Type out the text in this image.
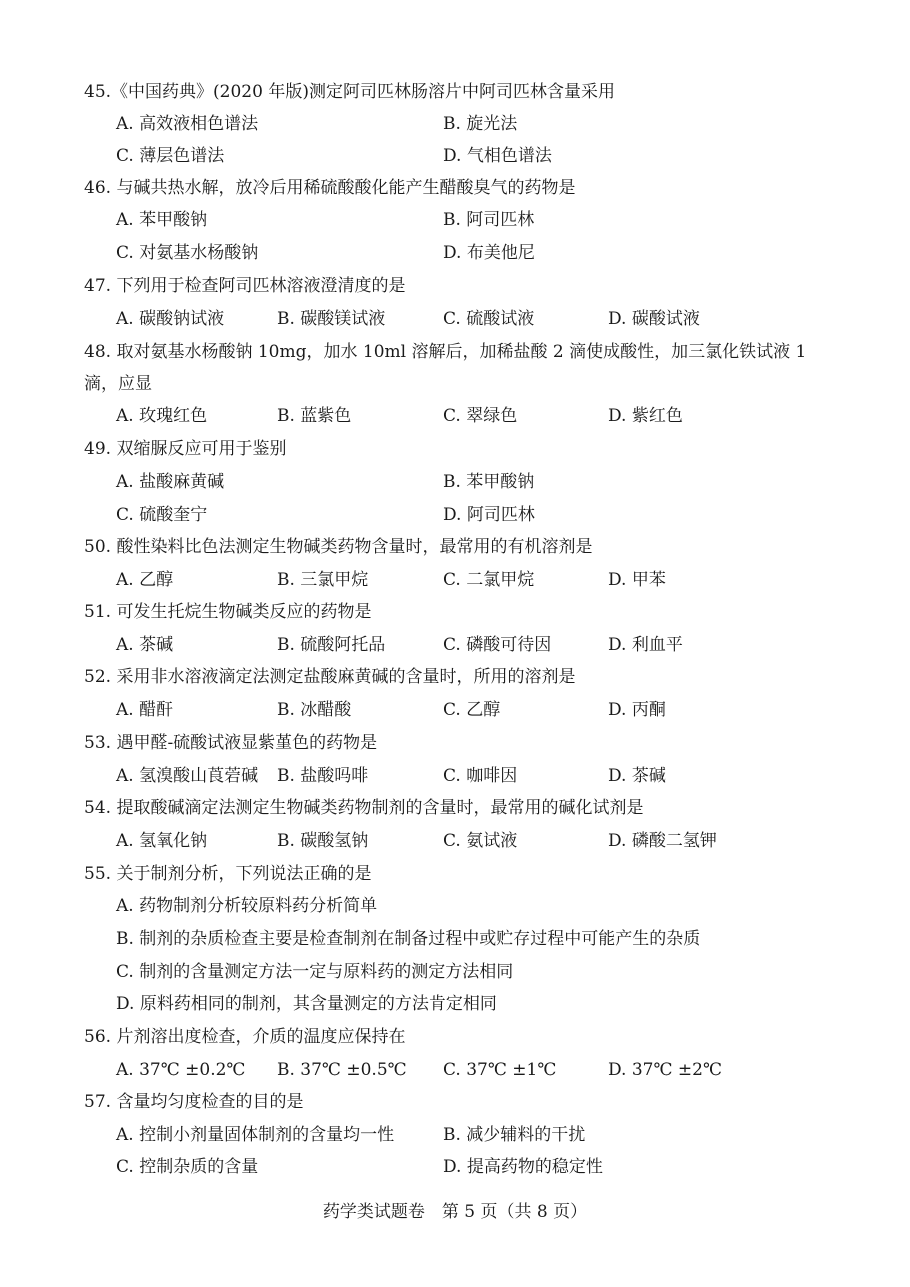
45.《中国药典》(2020 年版)测定阿司匹林肠溶片中阿司匹林含量采用
A. 高效液相色谱法	B. 旋光法
C. 薄层色谱法	D. 气相色谱法
46. 与碱共热水解，放冷后用稀硫酸酸化能产生醋酸臭气的药物是
A. 苯甲酸钠	B. 阿司匹林
C. 对氨基水杨酸钠	D. 布美他尼
47. 下列用于检查阿司匹林溶液澄清度的是
A. 碳酸钠试液	B. 碳酸镁试液	C. 硫酸试液	D. 碳酸试液
48. 取对氨基水杨酸钠 10mg，加水 10ml 溶解后，加稀盐酸 2 滴使成酸性，加三氯化铁试液 1 滴，应显
A. 玫瑰红色	B. 蓝紫色	C. 翠绿色	D. 紫红色
49. 双缩脲反应可用于鉴别
A. 盐酸麻黄碱	B. 苯甲酸钠
C. 硫酸奎宁	D. 阿司匹林
50. 酸性染料比色法测定生物碱类药物含量时，最常用的有机溶剂是
A. 乙醇	B. 三氯甲烷	C. 二氯甲烷	D. 甲苯
51. 可发生托烷生物碱类反应的药物是
A. 茶碱	B. 硫酸阿托品	C. 磷酸可待因	D. 利血平
52. 采用非水溶液滴定法测定盐酸麻黄碱的含量时，所用的溶剂是
A. 醋酐	B. 冰醋酸	C. 乙醇	D. 丙酮
53. 遇甲醛-硫酸试液显紫堇色的药物是
A. 氢溴酸山莨菪碱 B. 盐酸吗啡	C. 咖啡因	D. 茶碱
54. 提取酸碱滴定法测定生物碱类药物制剂的含量时，最常用的碱化试剂是
A. 氢氧化钠	B. 碳酸氢钠	C. 氨试液	D. 磷酸二氢钾
55. 关于制剂分析，下列说法正确的是
A. 药物制剂分析较原料药分析简单
B. 制剂的杂质检查主要是检查制剂在制备过程中或贮存过程中可能产生的杂质
C. 制剂的含量测定方法一定与原料药的测定方法相同
D. 原料药相同的制剂，其含量测定的方法肯定相同
56. 片剂溶出度检查，介质的温度应保持在
A. 37℃ ±0.2℃ B. 37℃ ±0.5℃ C. 37℃ ±1℃	D. 37℃ ±2℃
57. 含量均匀度检查的目的是
A. 控制小剂量固体制剂的含量均一性	B. 减少辅料的干扰
C. 控制杂质的含量	D. 提高药物的稳定性
药学类试题卷　第 5 页（共 8 页）
